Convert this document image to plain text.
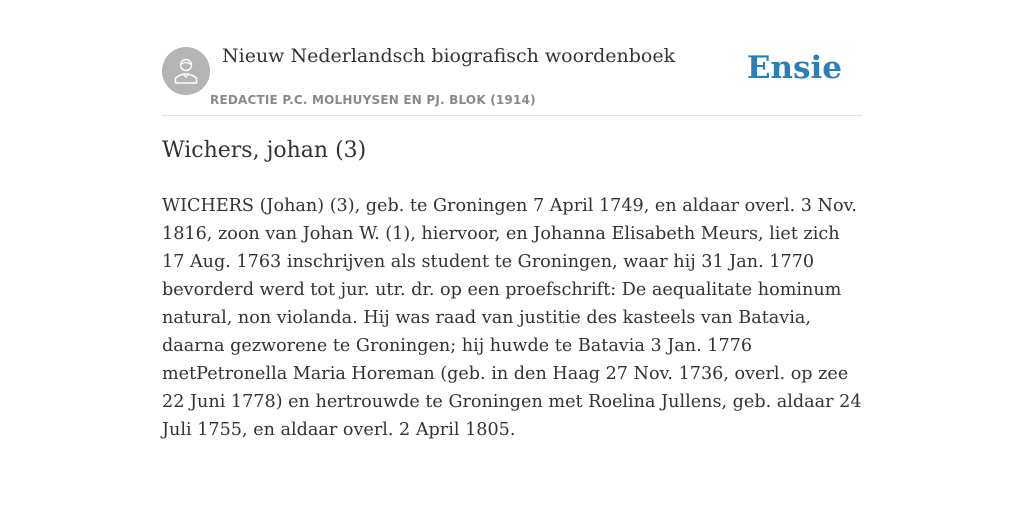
Nieuw Nederlandsch biografisch woordenboek
REDACTIE P.C. MOLHUYSEN EN PJ. BLOK (1914)
Ensie
Wichers, johan (3)

WICHERS (Johan) (3), geb. te Groningen 7 April 1749, en aldaar overl. 3 Nov. 1816, zoon van Johan W. (1), hiervoor, en Johanna Elisabeth Meurs, liet zich 17 Aug. 1763 inschrijven als student te Groningen, waar hij 31 Jan. 1770 bevorderd werd tot jur. utr. dr. op een proefschrift: De aequalitate hominum natural, non violanda. Hij was raad van justitie des kasteels van Batavia, daarna gezworene te Groningen; hij huwde te Batavia 3 Jan. 1776 metPetronella Maria Horeman (geb. in den Haag 27 Nov. 1736, overl. op zee 22 Juni 1778) en hertrouwde te Groningen met Roelina Jullens, geb. aldaar 24 Juli 1755, en aldaar overl. 2 April 1805.
